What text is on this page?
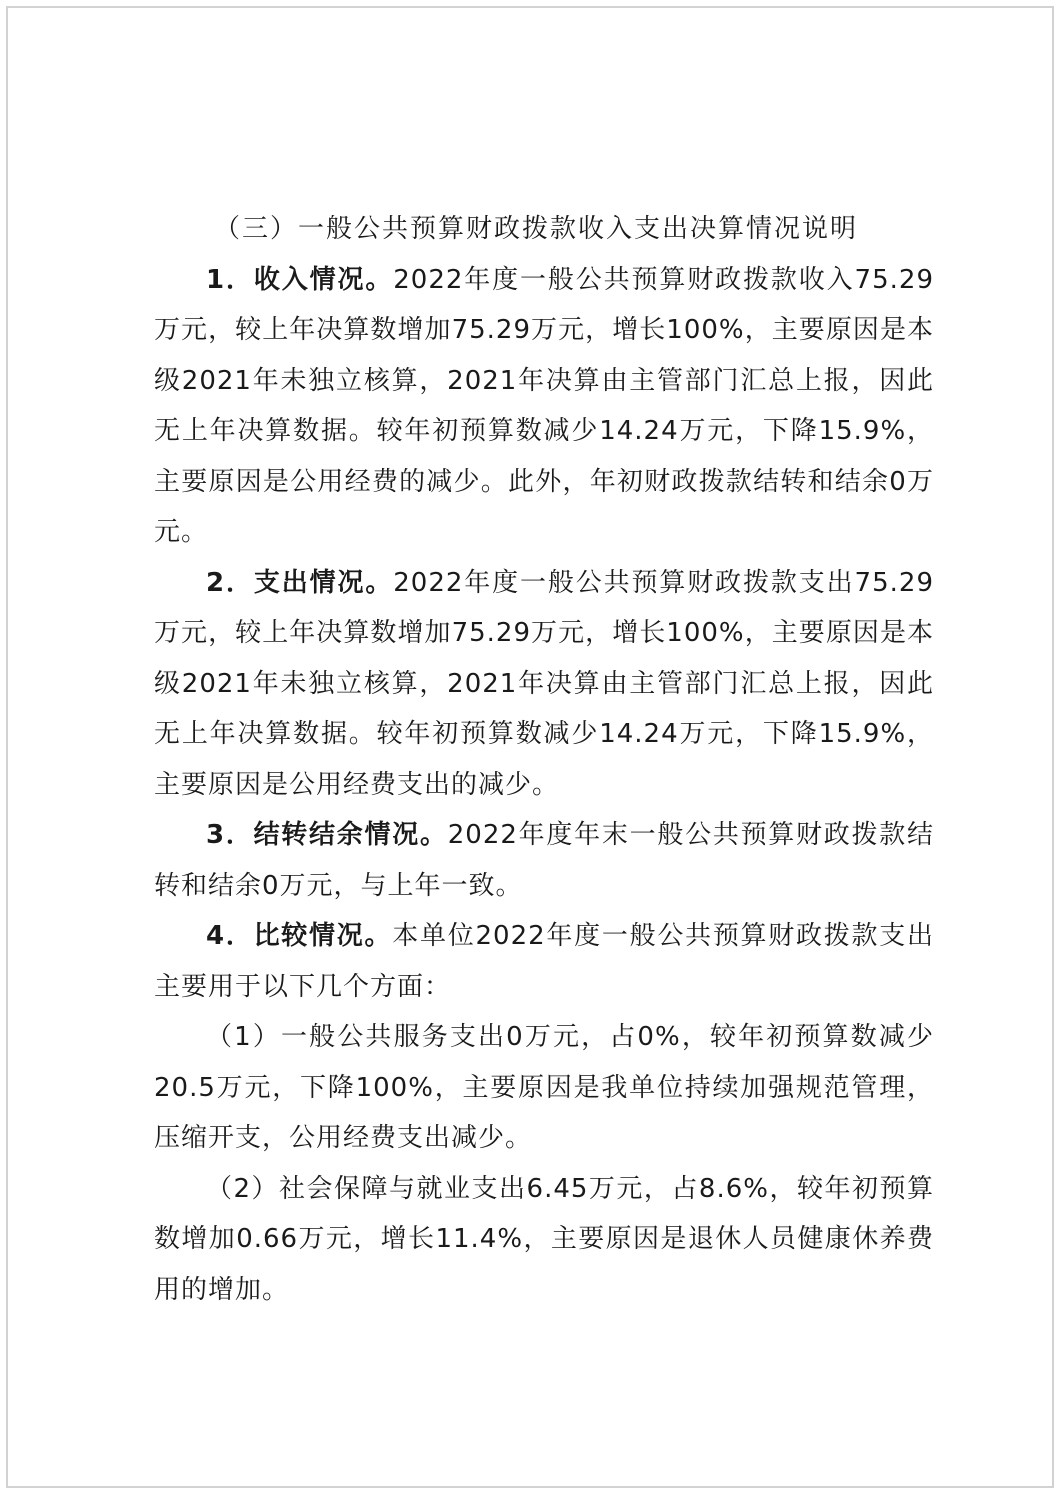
（三）一般公共预算财政拨款收入支出决算情况说明

1．收入情况。2022年度一般公共预算财政拨款收入75.29万元，较上年决算数增加75.29万元，增长100%，主要原因是本级2021年未独立核算，2021年决算由主管部门汇总上报，因此无上年决算数据。较年初预算数减少14.24万元，下降15.9%，主要原因是公用经费的减少。此外，年初财政拨款结转和结余0万元。

2．支出情况。2022年度一般公共预算财政拨款支出75.29万元，较上年决算数增加75.29万元，增长100%，主要原因是本级2021年未独立核算，2021年决算由主管部门汇总上报，因此无上年决算数据。较年初预算数减少14.24万元，下降15.9%，主要原因是公用经费支出的减少。

3．结转结余情况。2022年度年末一般公共预算财政拨款结转和结余0万元，与上年一致。

4．比较情况。本单位2022年度一般公共预算财政拨款支出主要用于以下几个方面：

（1）一般公共服务支出0万元，占0%，较年初预算数减少20.5万元，下降100%，主要原因是我单位持续加强规范管理，压缩开支，公用经费支出减少。

（2）社会保障与就业支出6.45万元，占8.6%，较年初预算数增加0.66万元，增长11.4%，主要原因是退休人员健康休养费用的增加。
